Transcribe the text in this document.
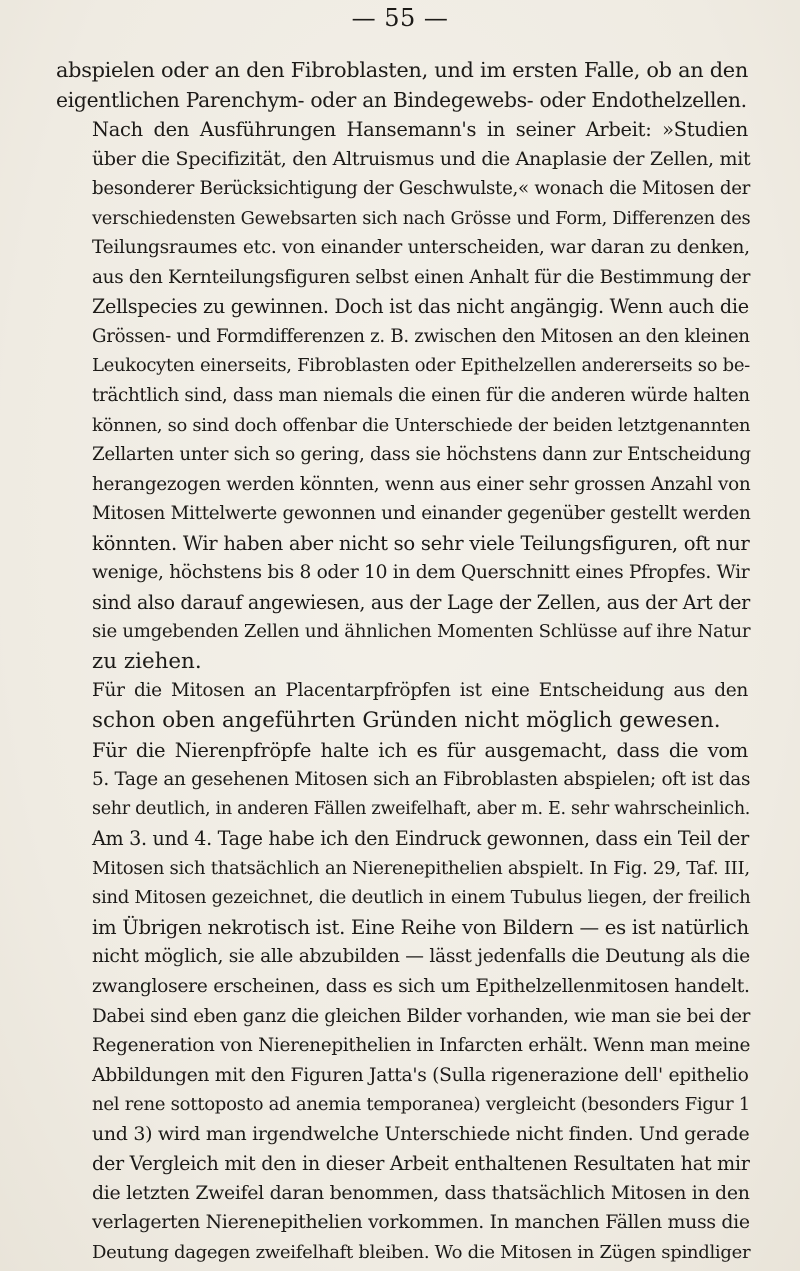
— 55 —
abspielen oder an den Fibroblasten, und im ersten Falle, ob an den
eigentlichen Parenchym- oder an Bindegewebs- oder Endothelzellen.
Nach den Ausführungen Hansemann's in seiner Arbeit: »Studien
über die Specifizität, den Altruismus und die Anaplasie der Zellen, mit
besonderer Berücksichtigung der Geschwulste,« wonach die Mitosen der
verschiedensten Gewebsarten sich nach Grösse und Form, Differenzen des
Teilungsraumes etc. von einander unterscheiden, war daran zu denken,
aus den Kernteilungsfiguren selbst einen Anhalt für die Bestimmung der
Zellspecies zu gewinnen. Doch ist das nicht angängig. Wenn auch die
Grössen- und Formdifferenzen z. B. zwischen den Mitosen an den kleinen
Leukocyten einerseits, Fibroblasten oder Epithelzellen andererseits so be-
trächtlich sind, dass man niemals die einen für die anderen würde halten
können, so sind doch offenbar die Unterschiede der beiden letztgenannten
Zellarten unter sich so gering, dass sie höchstens dann zur Entscheidung
herangezogen werden könnten, wenn aus einer sehr grossen Anzahl von
Mitosen Mittelwerte gewonnen und einander gegenüber gestellt werden
könnten. Wir haben aber nicht so sehr viele Teilungsfiguren, oft nur
wenige, höchstens bis 8 oder 10 in dem Querschnitt eines Pfropfes. Wir
sind also darauf angewiesen, aus der Lage der Zellen, aus der Art der
sie umgebenden Zellen und ähnlichen Momenten Schlüsse auf ihre Natur
zu ziehen.
Für die Mitosen an Placentarpfröpfen ist eine Entscheidung aus den
schon oben angeführten Gründen nicht möglich gewesen.
Für die Nierenpfröpfe halte ich es für ausgemacht, dass die vom
5. Tage an gesehenen Mitosen sich an Fibroblasten abspielen; oft ist das
sehr deutlich, in anderen Fällen zweifelhaft, aber m. E. sehr wahrscheinlich.
Am 3. und 4. Tage habe ich den Eindruck gewonnen, dass ein Teil der
Mitosen sich thatsächlich an Nierenepithelien abspielt. In Fig. 29, Taf. III,
sind Mitosen gezeichnet, die deutlich in einem Tubulus liegen, der freilich
im Übrigen nekrotisch ist. Eine Reihe von Bildern — es ist natürlich
nicht möglich, sie alle abzubilden — lässt jedenfalls die Deutung als die
zwanglosere erscheinen, dass es sich um Epithelzellenmitosen handelt.
Dabei sind eben ganz die gleichen Bilder vorhanden, wie man sie bei der
Regeneration von Nierenepithelien in Infarcten erhält. Wenn man meine
Abbildungen mit den Figuren Jatta's (Sulla rigenerazione dell' epithelio
nel rene sottoposto ad anemia temporanea) vergleicht (besonders Figur 1
und 3) wird man irgendwelche Unterschiede nicht finden. Und gerade
der Vergleich mit den in dieser Arbeit enthaltenen Resultaten hat mir
die letzten Zweifel daran benommen, dass thatsächlich Mitosen in den
verlagerten Nierenepithelien vorkommen. In manchen Fällen muss die
Deutung dagegen zweifelhaft bleiben. Wo die Mitosen in Zügen spindliger
